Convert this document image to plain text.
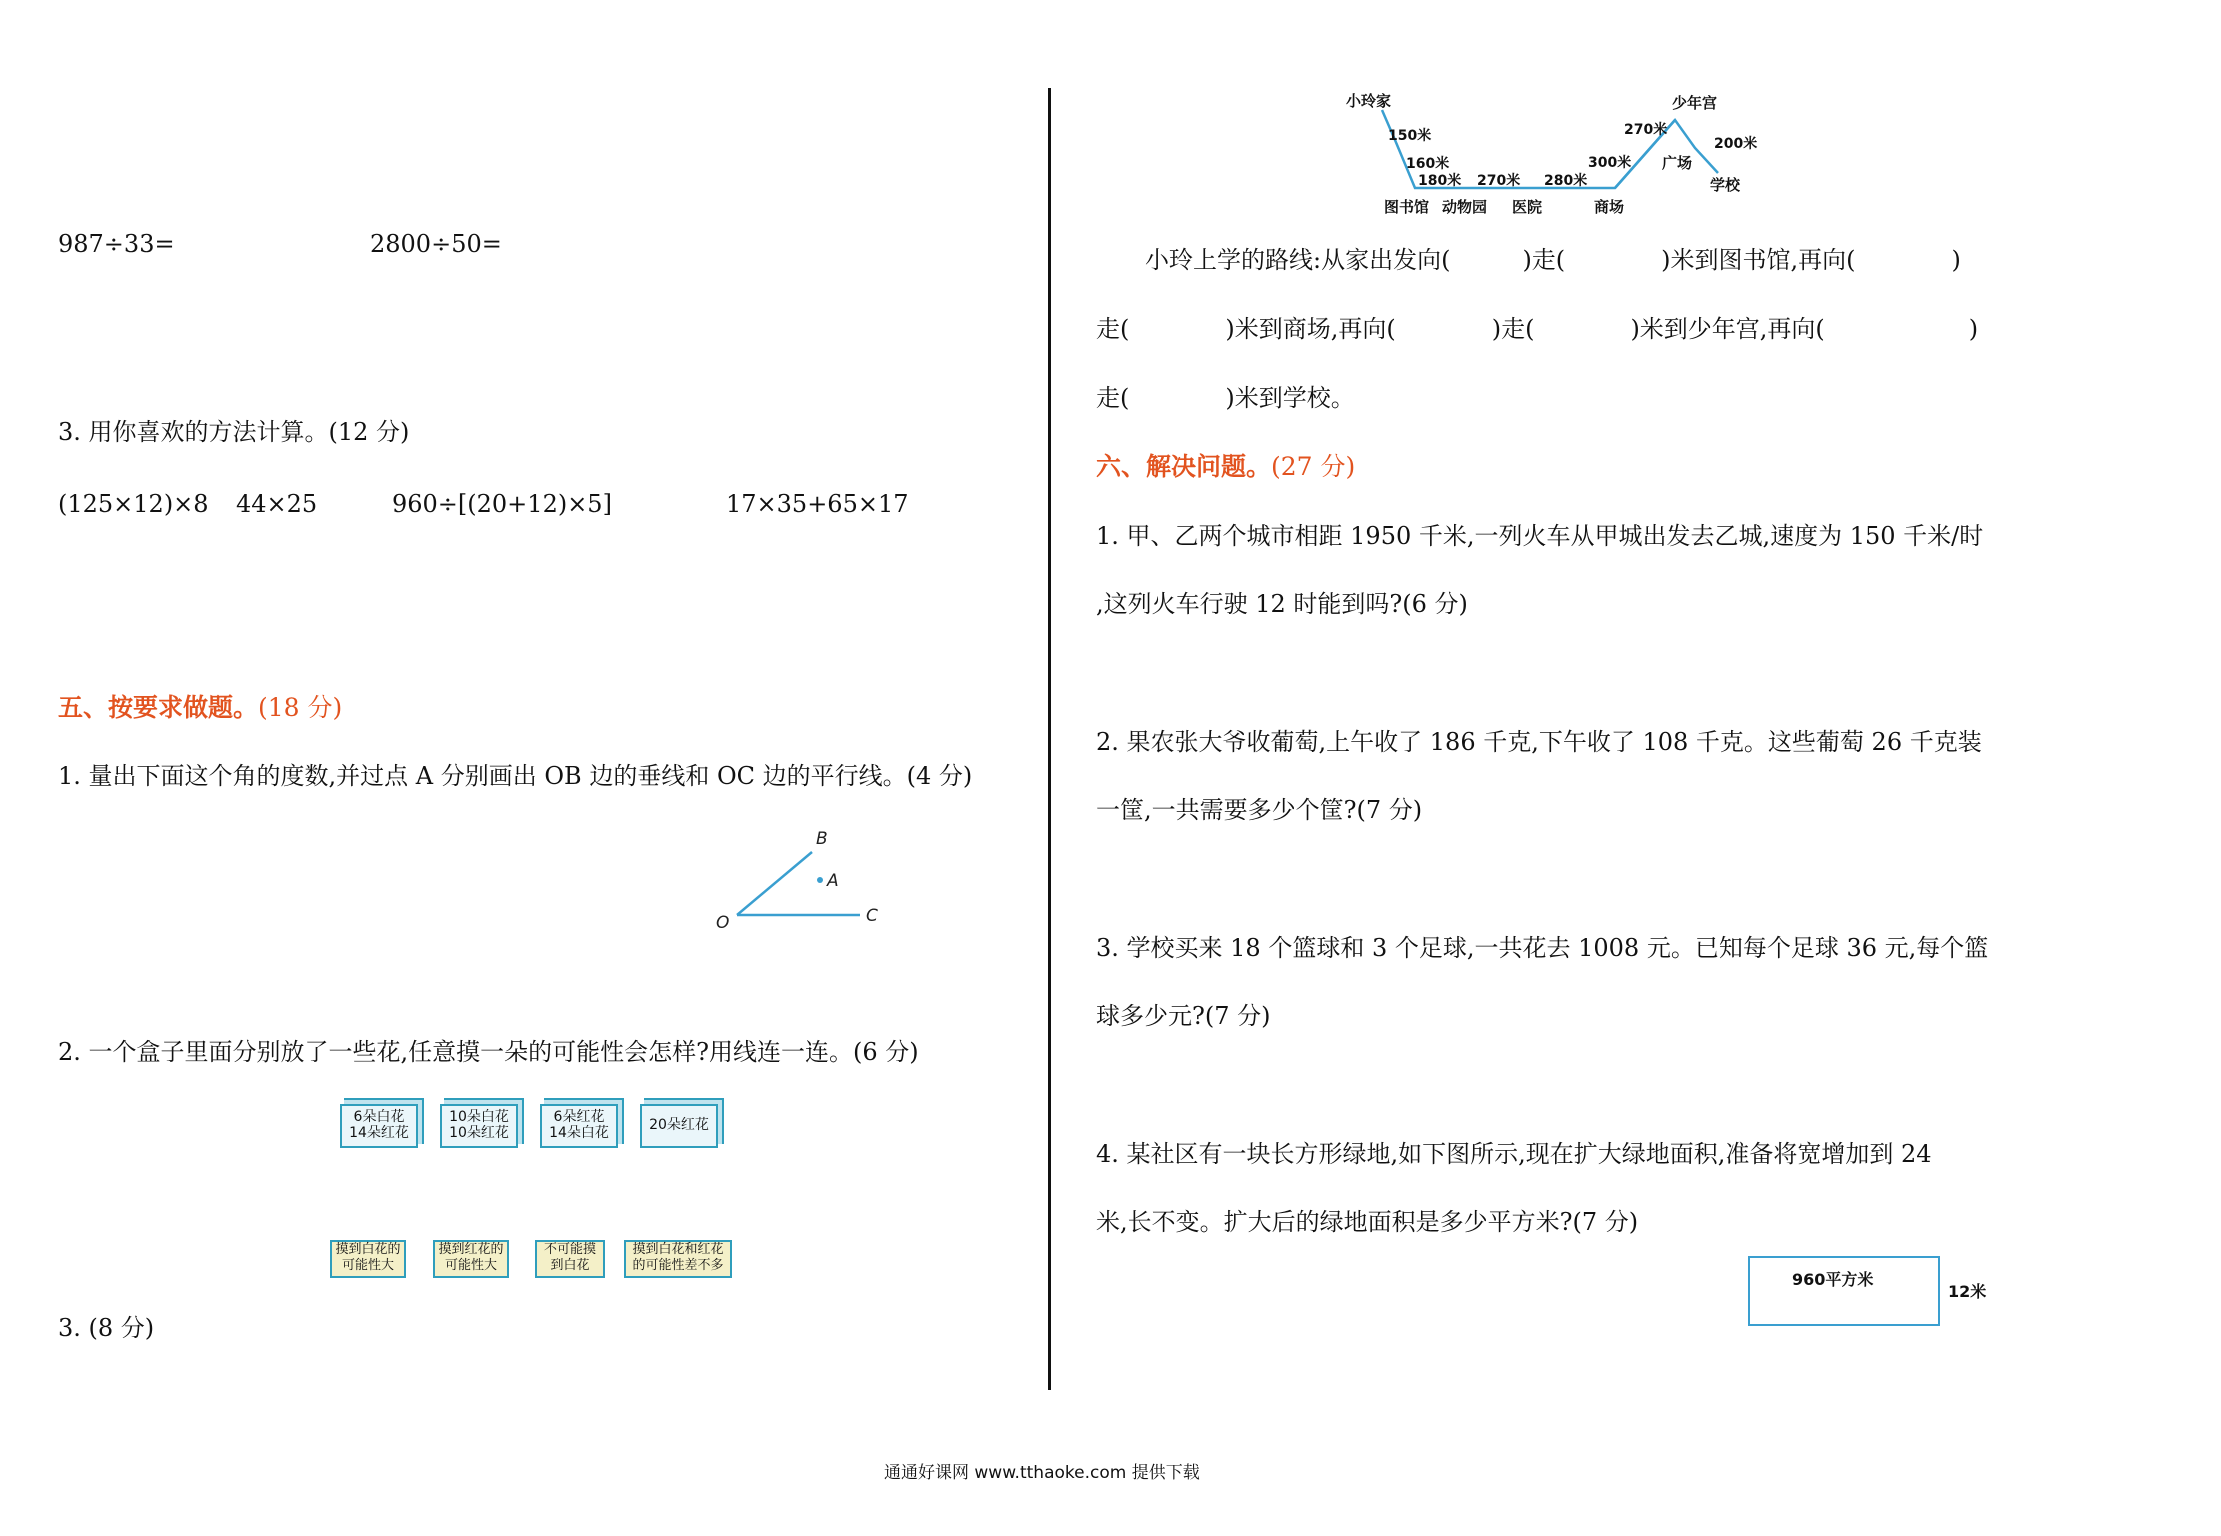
987÷33=	2800÷50=
3. 用你喜欢的方法计算。(12 分)
(125×12)×8 44×25	960÷[(20+12)×5]	17×35+65×17
五、按要求做题。(18 分)
1. 量出下面这个角的度数,并过点 A 分别画出 OB 边的垂线和 OC 边的平行线。(4 分)
B
A
O	C
2. 一个盒子里面分别放了一些花,任意摸一朵的可能性会怎样?用线连一连。(6 分)
6朵白花
14朵红花
10朵白花
10朵红花
6朵红花
14朵白花	20朵红花
摸到白花的
可能性大
摸到红花的
可能性大
不可能摸
到白花
摸到白花和红花
的可能性差不多
3. (8 分)
小玲家
150米
160米
180米 270米 280米
300米
270米
200米
少年宫
广场
学校
图书馆 动物园 医院	商场
小玲上学的路线:从家出发向(　　　)走(　　　　)米到图书馆,再向(　　　　)
走(　　　　)米到商场,再向(　　　　)走(　　　　)米到少年宫,再向(　　　　　　)
走(　　　　)米到学校。
六、解决问题。(27 分)
1. 甲、乙两个城市相距 1950 千米,一列火车从甲城出发去乙城,速度为 150 千米/时
,这列火车行驶 12 时能到吗?(6 分)
2. 果农张大爷收葡萄,上午收了 186 千克,下午收了 108 千克。这些葡萄 26 千克装
一筐,一共需要多少个筐?(7 分)
3. 学校买来 18 个篮球和 3 个足球,一共花去 1008 元。已知每个足球 36 元,每个篮
球多少元?(7 分)
4. 某社区有一块长方形绿地,如下图所示,现在扩大绿地面积,准备将宽增加到 24
米,长不变。扩大后的绿地面积是多少平方米?(7 分)
960平方米
12米
通通好课网 www.tthaoke.com 提供下载
